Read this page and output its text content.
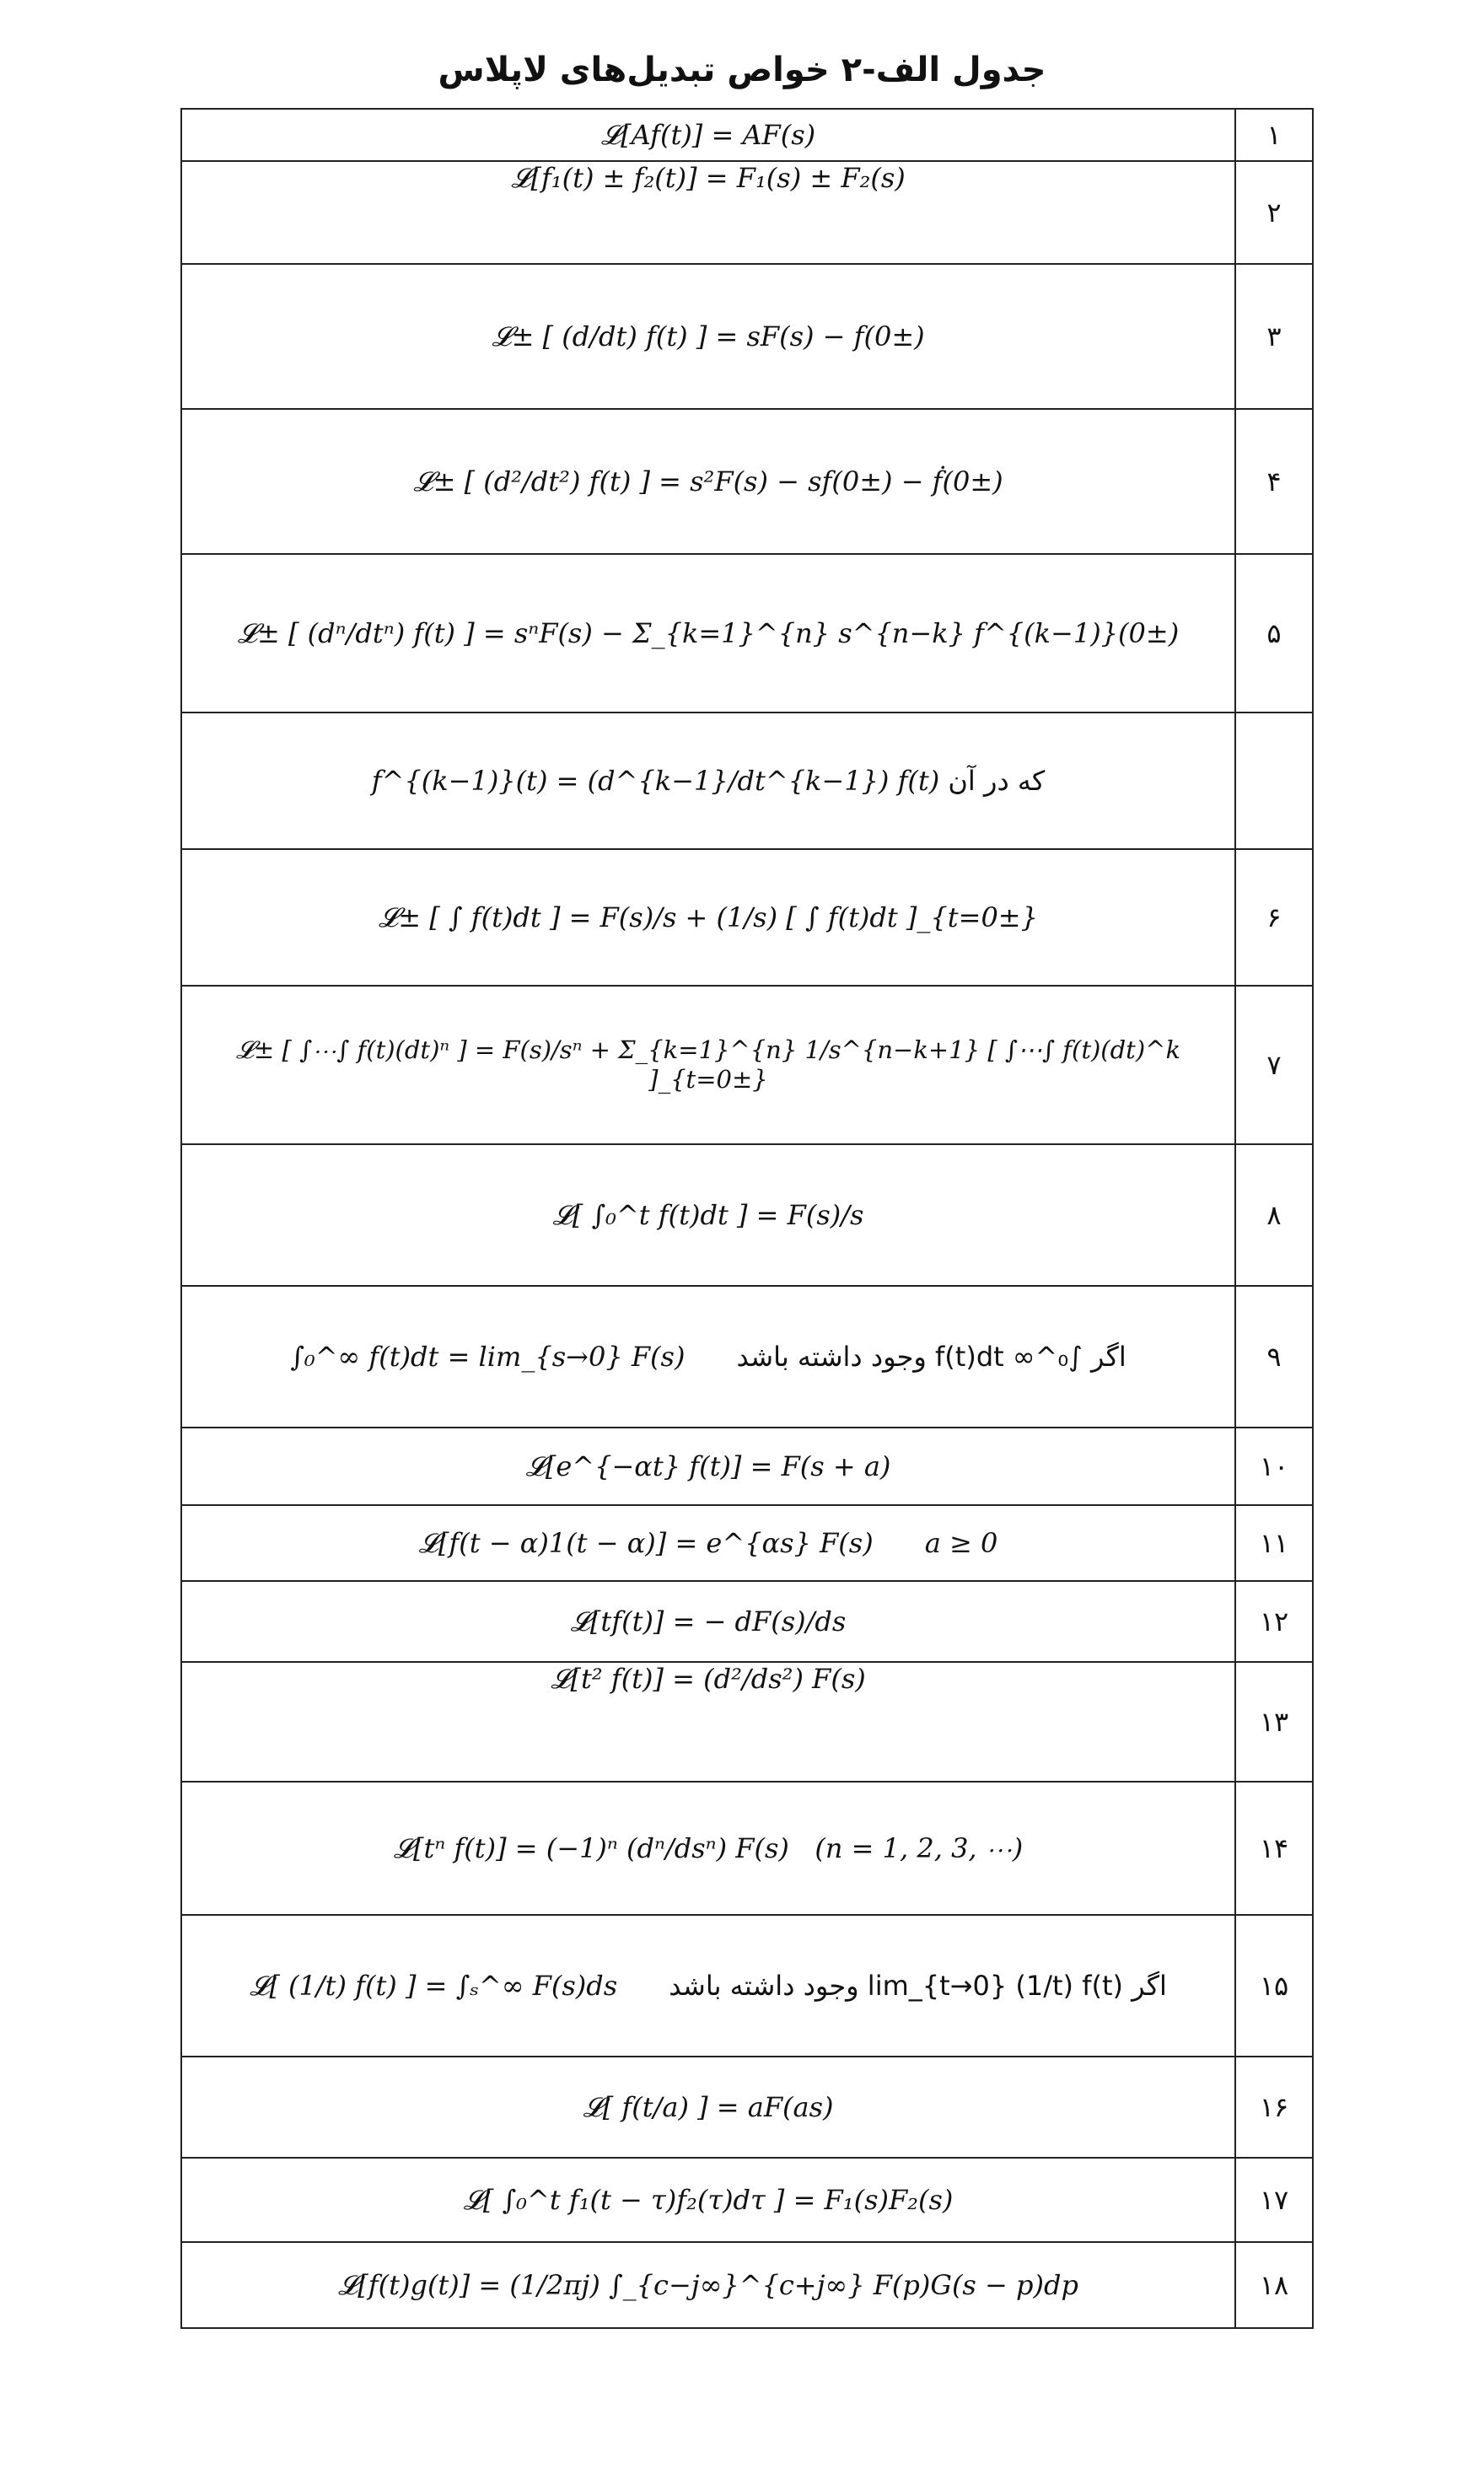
جدول الف-۲ خواص تبدیل‌های لاپلاس
𝓛[Af(t)] = AF(s)	۱
𝓛[f₁(t) ± f₂(t)] = F₁(s) ± F₂(s)	۲
𝓛± [ (d/dt) f(t) ] = sF(s) − f(0±)	۳
𝓛± [ (d²/dt²) f(t) ] = s²F(s) − sf(0±) − ḟ(0±)	۴
𝓛± [ (dⁿ/dtⁿ) f(t) ] = sⁿF(s) − Σ_{k=1}^{n} s^{n−k} f^{(k−1)}(0±)	۵
f^{(k−1)}(t) = (d^{k−1}/dt^{k−1}) f(t) که در آن	
𝓛± [ ∫ f(t)dt ] = F(s)/s + (1/s) [ ∫ f(t)dt ]_{t=0±}	۶
𝓛± [ ∫⋯∫ f(t)(dt)ⁿ ] = F(s)/sⁿ + Σ_{k=1}^{n} 1/s^{n−k+1} [ ∫⋯∫ f(t)(dt)^k ]_{t=0±}	۷
𝓛[ ∫₀^t f(t)dt ] = F(s)/s	۸
∫₀^∞ f(t)dt = lim_{s→0} F(s) اگر ∫₀^∞ f(t)dt وجود داشته باشد	۹
𝓛[e^{−αt} f(t)] = F(s + a)	۱۰
𝓛[f(t − α)1(t − α)] = e^{αs} F(s)      a ≥ 0	۱۱
𝓛[tf(t)] = − dF(s)/ds	۱۲
𝓛[t² f(t)] = (d²/ds²) F(s)	۱۳
𝓛[tⁿ f(t)] = (−1)ⁿ (dⁿ/dsⁿ) F(s)   (n = 1, 2, 3, ⋯)	۱۴
𝓛[ (1/t) f(t) ] = ∫ₛ^∞ F(s)ds اگر lim_{t→0} (1/t) f(t) وجود داشته باشد	۱۵
𝓛[ f(t/a) ] = aF(as)	۱۶
𝓛[ ∫₀^t f₁(t − τ)f₂(τ)dτ ] = F₁(s)F₂(s)	۱۷
𝓛[f(t)g(t)] = (1/2πj) ∫_{c−j∞}^{c+j∞} F(p)G(s − p)dp	۱۸
